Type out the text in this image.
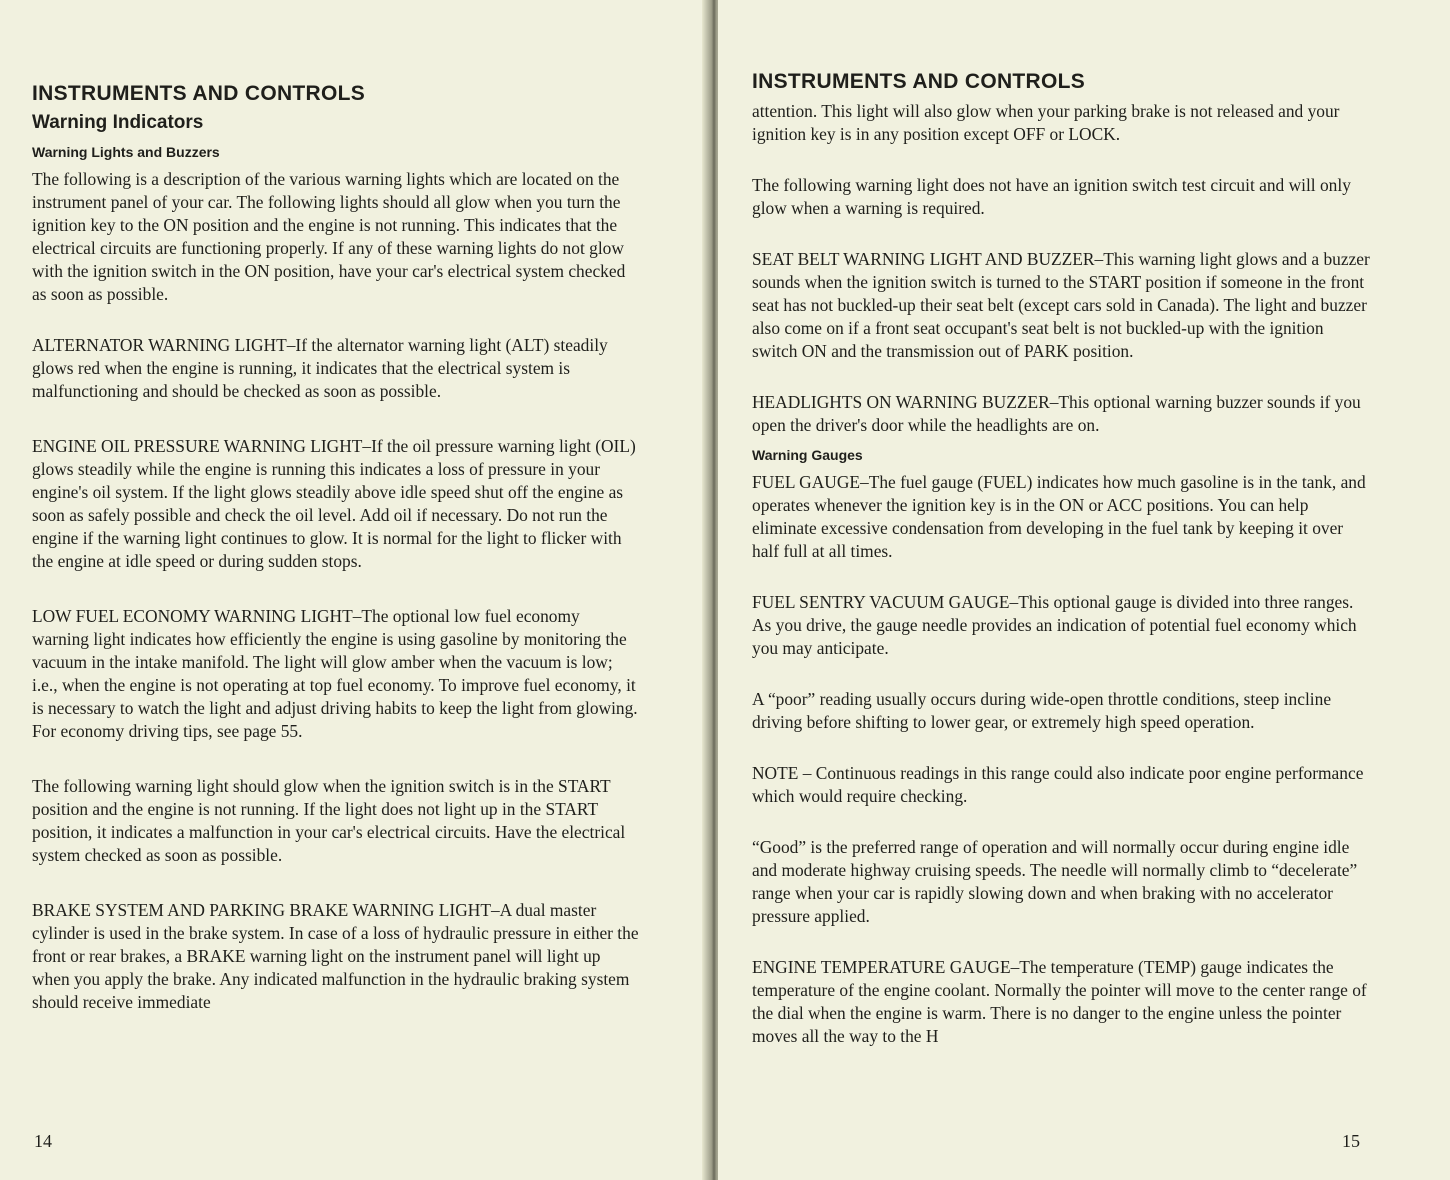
INSTRUMENTS AND CONTROLS
Warning Indicators
Warning Lights and Buzzers

The following is a description of the various warning lights which are located on the instrument panel of your car. The following lights should all glow when you turn the ignition key to the ON position and the engine is not running. This indicates that the electrical circuits are functioning properly. If any of these warning lights do not glow with the ignition switch in the ON position, have your car's electrical system checked as soon as possible.

ALTERNATOR WARNING LIGHT–If the alternator warning light (ALT) steadily glows red when the engine is running, it indicates that the electrical system is malfunctioning and should be checked as soon as possible.

ENGINE OIL PRESSURE WARNING LIGHT–If the oil pressure warning light (OIL) glows steadily while the engine is running this indicates a loss of pressure in your engine's oil system. If the light glows steadily above idle speed shut off the engine as soon as safely possible and check the oil level. Add oil if necessary. Do not run the engine if the warning light continues to glow. It is normal for the light to flicker with the engine at idle speed or during sudden stops.

LOW FUEL ECONOMY WARNING LIGHT–The optional low fuel economy warning light indicates how efficiently the engine is using gasoline by monitoring the vacuum in the intake manifold. The light will glow amber when the vacuum is low; i.e., when the engine is not operating at top fuel economy. To improve fuel economy, it is necessary to watch the light and adjust driving habits to keep the light from glowing. For economy driving tips, see page 55.

The following warning light should glow when the ignition switch is in the START position and the engine is not running. If the light does not light up in the START position, it indicates a malfunction in your car's electrical circuits. Have the electrical system checked as soon as possible.

BRAKE SYSTEM AND PARKING BRAKE WARNING LIGHT–A dual master cylinder is used in the brake system. In case of a loss of hydraulic pressure in either the front or rear brakes, a BRAKE warning light on the instrument panel will light up when you apply the brake. Any indicated malfunction in the hydraulic braking system should receive immediate

14
INSTRUMENTS AND CONTROLS

attention. This light will also glow when your parking brake is not released and your ignition key is in any position except OFF or LOCK.

The following warning light does not have an ignition switch test circuit and will only glow when a warning is required.

SEAT BELT WARNING LIGHT AND BUZZER–This warning light glows and a buzzer sounds when the ignition switch is turned to the START position if someone in the front seat has not buckled-up their seat belt (except cars sold in Canada). The light and buzzer also come on if a front seat occupant's seat belt is not buckled-up with the ignition switch ON and the transmission out of PARK position.

HEADLIGHTS ON WARNING BUZZER–This optional warning buzzer sounds if you open the driver's door while the headlights are on.

Warning Gauges

FUEL GAUGE–The fuel gauge (FUEL) indicates how much gasoline is in the tank, and operates whenever the ignition key is in the ON or ACC positions. You can help eliminate excessive condensation from developing in the fuel tank by keeping it over half full at all times.

FUEL SENTRY VACUUM GAUGE–This optional gauge is divided into three ranges. As you drive, the gauge needle provides an indication of potential fuel economy which you may anticipate.

A “poor” reading usually occurs during wide-open throttle conditions, steep incline driving before shifting to lower gear, or extremely high speed operation.

NOTE – Continuous readings in this range could also indicate poor engine performance which would require checking.

“Good” is the preferred range of operation and will normally occur during engine idle and moderate highway cruising speeds. The needle will normally climb to “decelerate” range when your car is rapidly slowing down and when braking with no accelerator pressure applied.

ENGINE TEMPERATURE GAUGE–The temperature (TEMP) gauge indicates the temperature of the engine coolant. Normally the pointer will move to the center range of the dial when the engine is warm. There is no danger to the engine unless the pointer moves all the way to the H

15
